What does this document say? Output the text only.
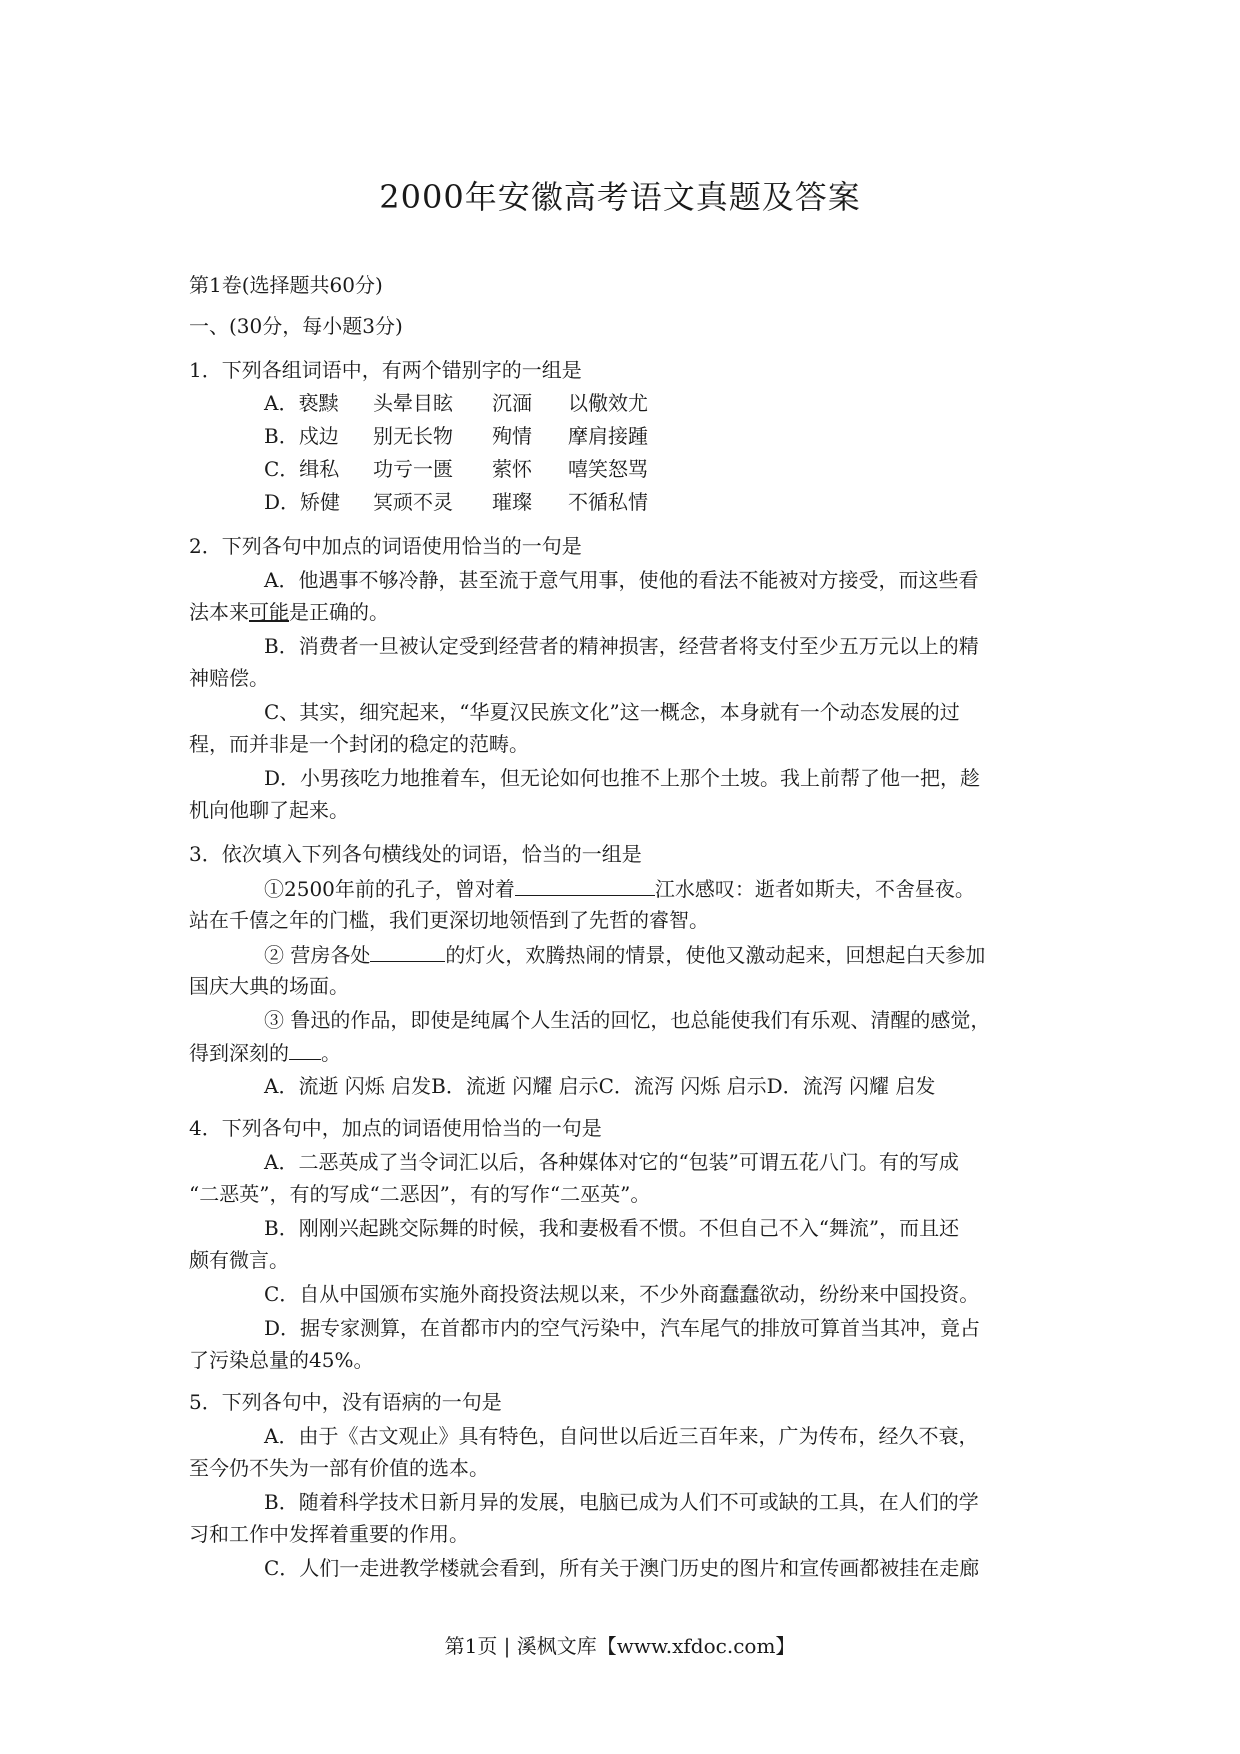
2000年安徽高考语文真题及答案
第1卷(选择题共60分)
一、(30分，每小题3分)
1．下列各组词语中，有两个错别字的一组是
A．亵黩 头晕目眩 沉湎 以儆效尤
B．戍边 别无长物 殉情 摩肩接踵
C．缉私 功亏一匮 萦怀 嘻笑怒骂
D．矫健 冥顽不灵 璀璨 不循私情
2．下列各句中加点的词语使用恰当的一句是
A．他遇事不够冷静，甚至流于意气用事，使他的看法不能被对方接受，而这些看
法本来可能是正确的。
B．消费者一旦被认定受到经营者的精神损害，经营者将支付至少五万元以上的精
神赔偿。
C、其实，细究起来，“华夏汉民族文化”这一概念，本身就有一个动态发展的过
程，而并非是一个封闭的稳定的范畴。
D．小男孩吃力地推着车，但无论如何也推不上那个土坡。我上前帮了他一把，趁
机向他聊了起来。
3．依次填入下列各句横线处的词语，恰当的一组是
①2500年前的孔子，曾对着	江水感叹：逝者如斯夫，不舍昼夜。
站在千僖之年的门槛，我们更深切地领悟到了先哲的睿智。
② 营房各处	的灯火，欢腾热闹的情景，使他又激动起来，回想起白天参加
国庆大典的场面。
③ 鲁迅的作品，即使是纯属个人生活的回忆，也总能使我们有乐观、清醒的感觉，
得到深刻的 。
A．流逝 闪烁 启发B．流逝 闪耀 启示C．流泻 闪烁 启示D．流泻 闪耀 启发
4．下列各句中，加点的词语使用恰当的一句是
A．二恶英成了当令词汇以后，各种媒体对它的“包装”可谓五花八门。有的写成
“二恶英”，有的写成“二恶因”，有的写作“二巫英”。
B．刚刚兴起跳交际舞的时候，我和妻极看不惯。不但自己不入“舞流”，而且还
颇有微言。
C．自从中国颁布实施外商投资法规以来，不少外商蠢蠢欲动，纷纷来中国投资。
D．据专家测算，在首都市内的空气污染中，汽车尾气的排放可算首当其冲，竟占
了污染总量的45%。
5．下列各句中，没有语病的一句是
A．由于《古文观止》具有特色，自问世以后近三百年来，广为传布，经久不衰，
至今仍不失为一部有价值的选本。
B．随着科学技术日新月异的发展，电脑已成为人们不可或缺的工具，在人们的学
习和工作中发挥着重要的作用。
C．人们一走进教学楼就会看到，所有关于澳门历史的图片和宣传画都被挂在走廊
第1页 | 溪枫文库【www.xfdoc.com】
